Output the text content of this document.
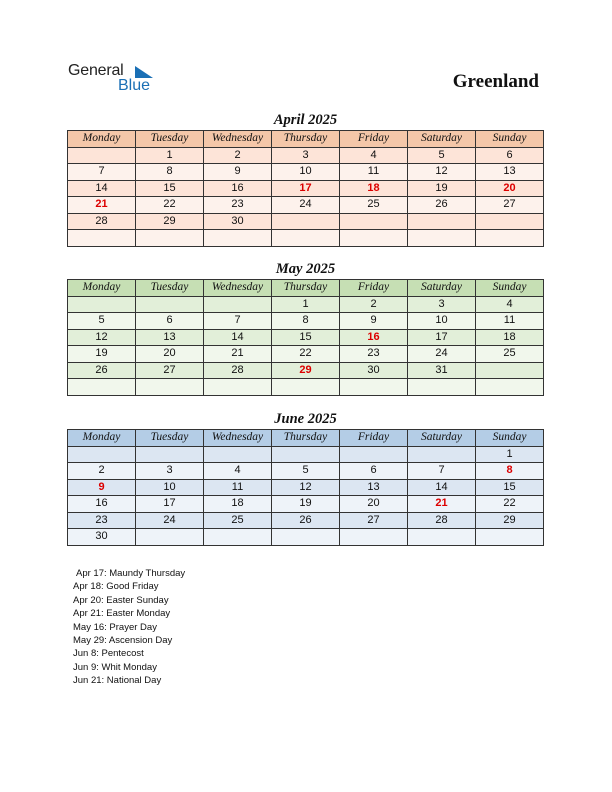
General
Blue	Greenland
April 2025
Monday	Tuesday	Wednesday	Thursday	Friday	Saturday	Sunday
	1	2	3	4	5	6
7	8	9	10	11	12	13
14	15	16	17	18	19	20
21	22	23	24	25	26	27
28	29	30				

May 2025
Monday	Tuesday	Wednesday	Thursday	Friday	Saturday	Sunday
			1	2	3	4
5	6	7	8	9	10	11
12	13	14	15	16	17	18
19	20	21	22	23	24	25
26	27	28	29	30	31	

June 2025
Monday	Tuesday	Wednesday	Thursday	Friday	Saturday	Sunday
						1
2	3	4	5	6	7	8
9	10	11	12	13	14	15
16	17	18	19	20	21	22
23	24	25	26	27	28	29
30						
Apr 17: Maundy Thursday
Apr 18: Good Friday
Apr 20: Easter Sunday
Apr 21: Easter Monday
May 16: Prayer Day
May 29: Ascension Day
Jun 8: Pentecost
Jun 9: Whit Monday
Jun 21: National Day
